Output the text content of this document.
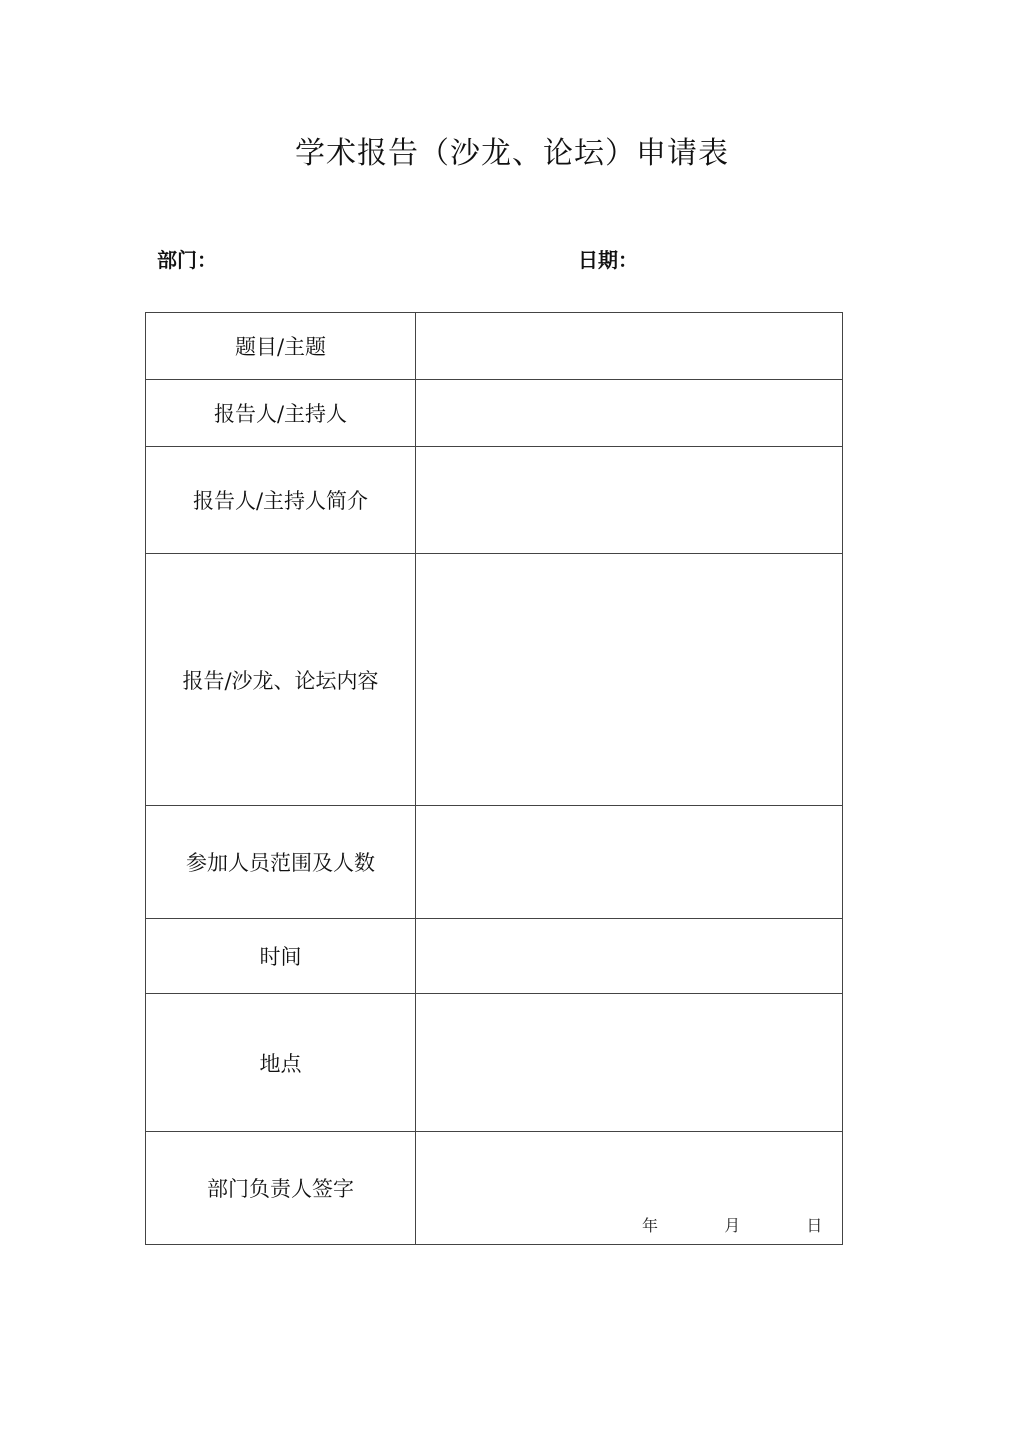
学术报告（沙龙、论坛）申请表
部门：	日期：
题目/主题	
报告人/主持人	
报告人/主持人简介	
报告/沙龙、论坛内容	
参加人员范围及人数	
时间	
地点	
部门负责人签字	年 月 日
